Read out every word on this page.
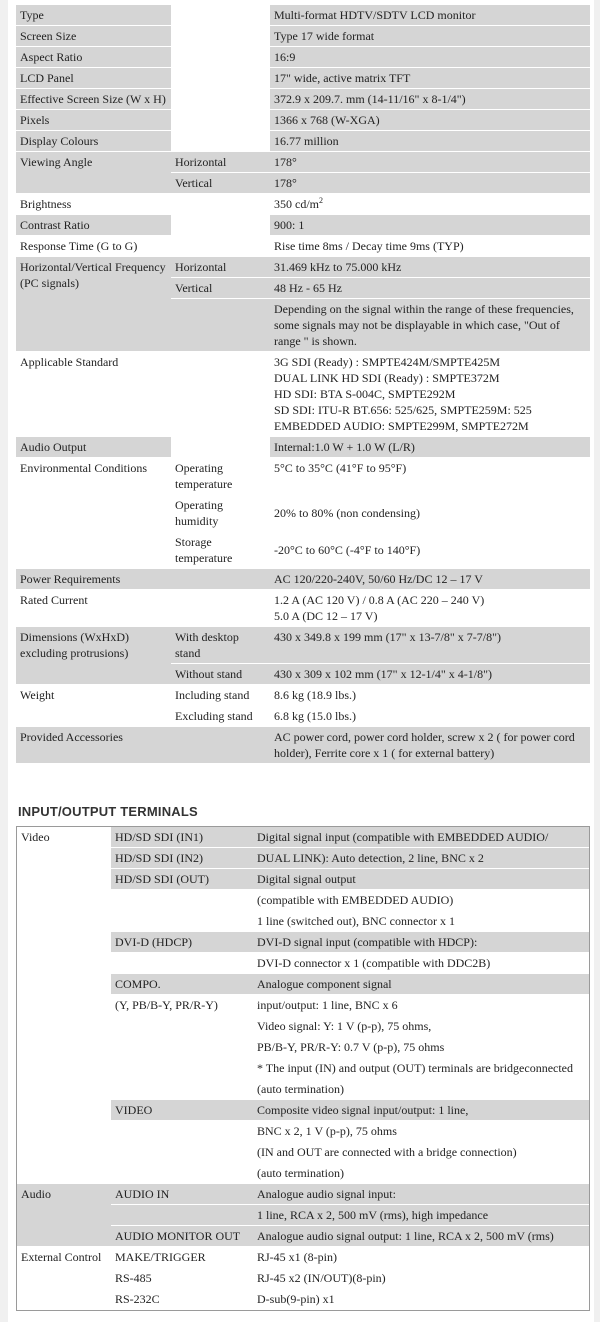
Type		Multi-format HDTV/SDTV LCD monitor
Screen Size		Type 17 wide format
Aspect Ratio		16:9
LCD Panel		17" wide, active matrix TFT
Effective Screen Size (W x H)		372.9 x 209.7. mm (14-11/16" x 8-1/4")
Pixels		1366 x 768 (W-XGA)
Display Colours		16.77 million
Viewing Angle	Horizontal	178°
	Vertical	178°
Brightness		350 $cd/m^2$
Contrast Ratio		900: 1
Response Time (G to G)		Rise time 8ms / Decay time 9ms (TYP)
Horizontal/Vertical Frequency (PC signals)	Horizontal	31.469 kHz to 75.000 kHz
	Vertical	48 Hz - 65 Hz
		Depending on the signal within the range of these frequencies, some signals may not be displayable in which case, "Out of range " is shown.
Applicable Standard		3G SDI (Ready) : SMPTE424M/SMPTE425M
DUAL LINK HD SDI (Ready) : SMPTE372M
HD SDI: BTA S-004C, SMPTE292M
SD SDI: ITU-R BT.656: 525/625, SMPTE259M: 525
EMBEDDED AUDIO: SMPTE299M, SMPTE272M

Audio Output		Internal:1.0 W + 1.0 W (L/R)
Environmental Conditions	Operating temperature	5°C to 35°C (41°F to 95°F)
	Operating humidity	20% to 80% (non condensing)
	Storage temperature	-20°C to 60°C (-4°F to 140°F)
Power Requirements		AC 120/220-240V, 50/60 Hz/DC 12 – 17 V
Rated Current		1.2 A (AC 120 V) / 0.8 A (AC 220 – 240 V)
5.0 A (DC 12 – 17 V)

Dimensions (WxHxD) excluding protrusions)	With desktop stand	430 x 349.8 x 199 mm (17" x 13-7/8" x 7-7/8")
	Without stand	430 x 309 x 102 mm (17" x 12-1/4" x 4-1/8")
Weight	Including stand	8.6 kg (18.9 lbs.)
	Excluding stand	6.8 kg (15.0 lbs.)
Provided Accessories		AC power cord, power cord holder, screw x 2 ( for power cord holder), Ferrite core x 1 ( for external battery)
INPUT/OUTPUT TERMINALS
Video	HD/SD SDI (IN1)	Digital signal input (compatible with EMBEDDED AUDIO/
	HD/SD SDI (IN2)	DUAL LINK): Auto detection, 2 line, BNC x 2
	HD/SD SDI (OUT)	Digital signal output
		(compatible with EMBEDDED AUDIO)
		1 line (switched out), BNC connector x 1
	DVI-D (HDCP)	DVI-D signal input (compatible with HDCP):
		DVI-D connector x 1 (compatible with DDC2B)
	COMPO.	Analogue component signal
	(Y, PB/B-Y, PR/R-Y)	input/output: 1 line, BNC x 6
		Video signal: Y: 1 V (p-p), 75 ohms,
		PB/B-Y, PR/R-Y: 0.7 V (p-p), 75 ohms
		* The input (IN) and output (OUT) terminals are bridgeconnected
		(auto termination)
	VIDEO	Composite video signal input/output: 1 line,
		BNC x 2, 1 V (p-p), 75 ohms
		(IN and OUT are connected with a bridge connection)
		(auto termination)
Audio	AUDIO IN	Analogue audio signal input:
		1 line, RCA x 2, 500 mV (rms), high impedance
	AUDIO MONITOR OUT	Analogue audio signal output: 1 line, RCA x 2, 500 mV (rms)
External Control	MAKE/TRIGGER	RJ-45 x1 (8-pin)
	RS-485	RJ-45 x2 (IN/OUT)(8-pin)
	RS-232C	D-sub(9-pin) x1
